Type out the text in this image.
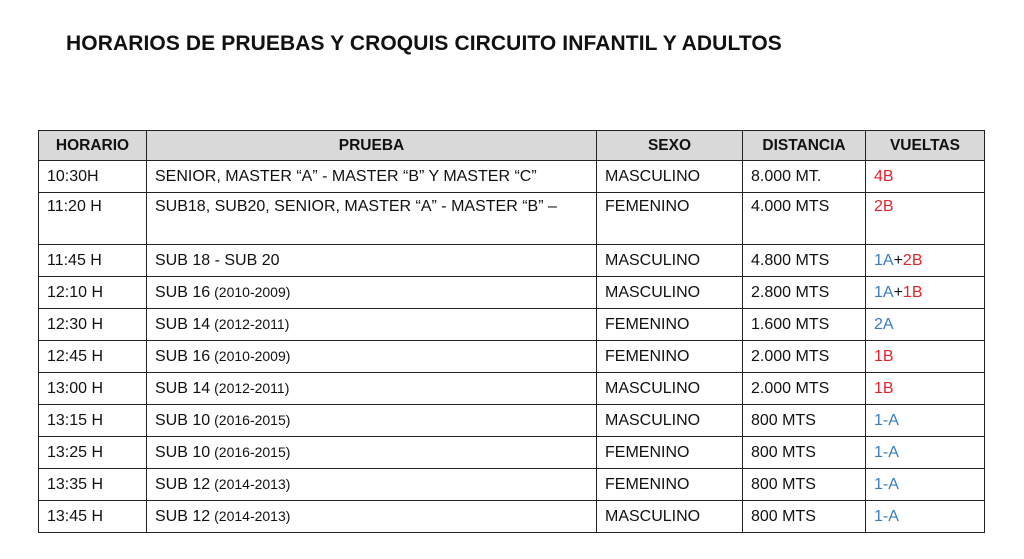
HORARIOS DE PRUEBAS Y CROQUIS CIRCUITO INFANTIL Y ADULTOS
HORARIO	PRUEBA	SEXO	DISTANCIA	VUELTAS
10:30H	SENIOR, MASTER “A” - MASTER “B” Y MASTER “C”	MASCULINO	8.000 MT.	4B
11:20 H	SUB18, SUB20, SENIOR, MASTER “A” - MASTER “B” –	FEMENINO	4.000 MTS	2B
11:45 H	SUB 18 - SUB 20	MASCULINO	4.800 MTS	1A+2B
12:10 H	SUB 16 (2010-2009)	MASCULINO	2.800 MTS	1A+1B
12:30 H	SUB 14 (2012-2011)	FEMENINO	1.600 MTS	2A
12:45 H	SUB 16 (2010-2009)	FEMENINO	2.000 MTS	1B
13:00 H	SUB 14 (2012-2011)	MASCULINO	2.000 MTS	1B
13:15 H	SUB 10 (2016-2015)	MASCULINO	800 MTS	1-A
13:25 H	SUB 10 (2016-2015)	FEMENINO	800 MTS	1-A
13:35 H	SUB 12 (2014-2013)	FEMENINO	800 MTS	1-A
13:45 H	SUB 12 (2014-2013)	MASCULINO	800 MTS	1-A
